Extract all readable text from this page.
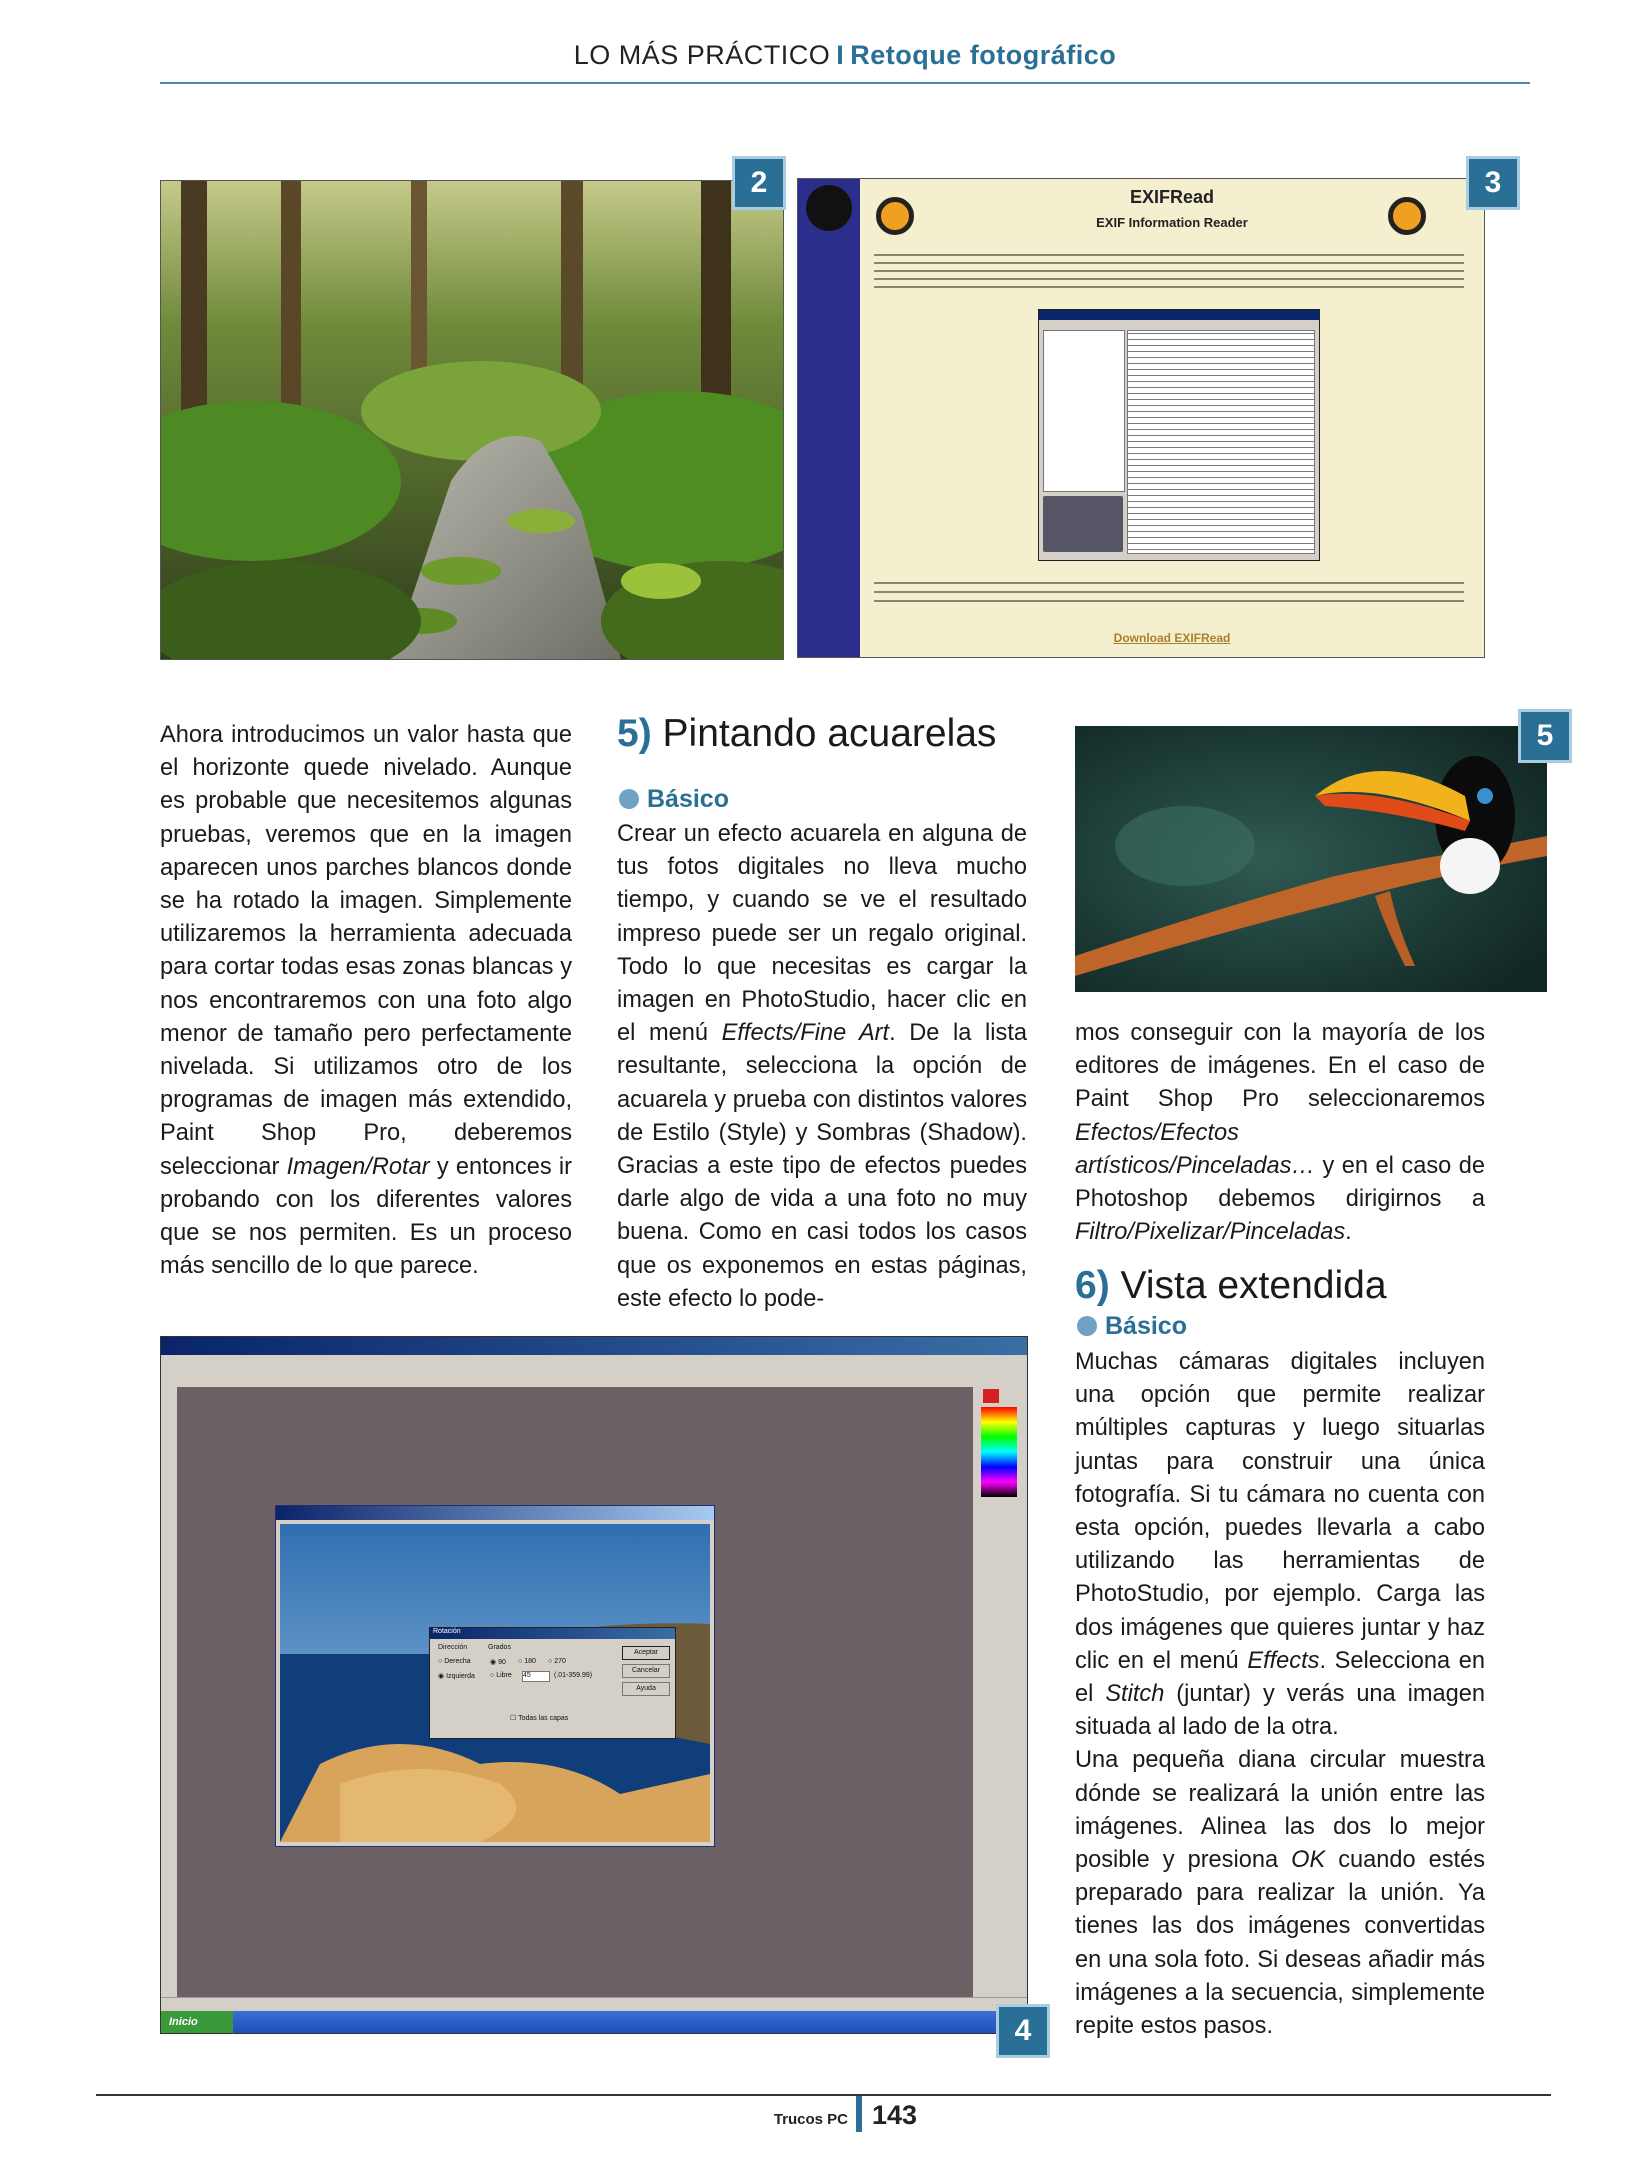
LO MÁS PRÁCTICO I Retoque fotográfico
2	EXIFRead
EXIF Information Reader
Download EXIFRead
3

Ahora introducimos un valor hasta que el horizonte quede nivelado. Aunque es probable que necesitemos algunas pruebas, veremos que en la imagen aparecen unos parches blancos donde se ha rotado la imagen. Simplemente utilizaremos la herramienta adecuada para cortar todas esas zonas blancas y nos encontraremos con una foto algo menor de tamaño pero perfectamente nivelada. Si utilizamos otro de los programas de imagen más extendido, Paint Shop Pro, deberemos seleccionar Imagen/Rotar y entonces ir probando con los diferentes valores que se nos permiten. Es un proceso más sencillo de lo que parece.

5) Pintando acuarelas
Básico

Crear un efecto acuarela en alguna de tus fotos digitales no lleva mucho tiempo, y cuando se ve el resultado impreso puede ser un regalo original. Todo lo que necesitas es cargar la imagen en PhotoStudio, hacer clic en el menú Effects/Fine Art. De la lista resultante, selecciona la opción de acuarela y prueba con distintos valores de Estilo (Style) y Sombras (Shadow). Gracias a este tipo de efectos puedes darle algo de vida a una foto no muy buena. Como en casi todos los casos que os exponemos en estas páginas, este efecto lo pode-

5

mos conseguir con la mayoría de los editores de imágenes. En el caso de Paint Shop Pro seleccionaremos Efectos/Efectos artísticos/Pinceladas… y en el caso de Photoshop debemos dirigirnos a Filtro/Pixelizar/Pinceladas.

6) Vista extendida
Básico

Muchas cámaras digitales incluyen una opción que permite realizar múltiples capturas y luego situarlas juntas para construir una única fotografía. Si tu cámara no cuenta con esta opción, puedes llevarla a cabo utilizando las herramientas de PhotoStudio, por ejemplo. Carga las dos imágenes que quieres juntar y haz clic en el menú Effects. Selecciona en el Stitch (juntar) y verás una imagen situada al lado de la otra.

Una pequeña diana circular muestra dónde se realizará la unión entre las imágenes. Alinea las dos lo mejor posible y presiona OK cuando estés preparado para realizar la unión. Ya tienes las dos imágenes convertidas en una sola foto. Si deseas añadir más imágenes a la secuencia, simplemente repite estos pasos.

Rotación
Dirección	Grados
○ Derecha
◉ Izquierda
◉ 90 ○ 180 ○ 270
○ Libre 45	(.01-359.99)
☐ Todas las capas
Aceptar
Cancelar
Ayuda
Inicio	4
Trucos PC 143
